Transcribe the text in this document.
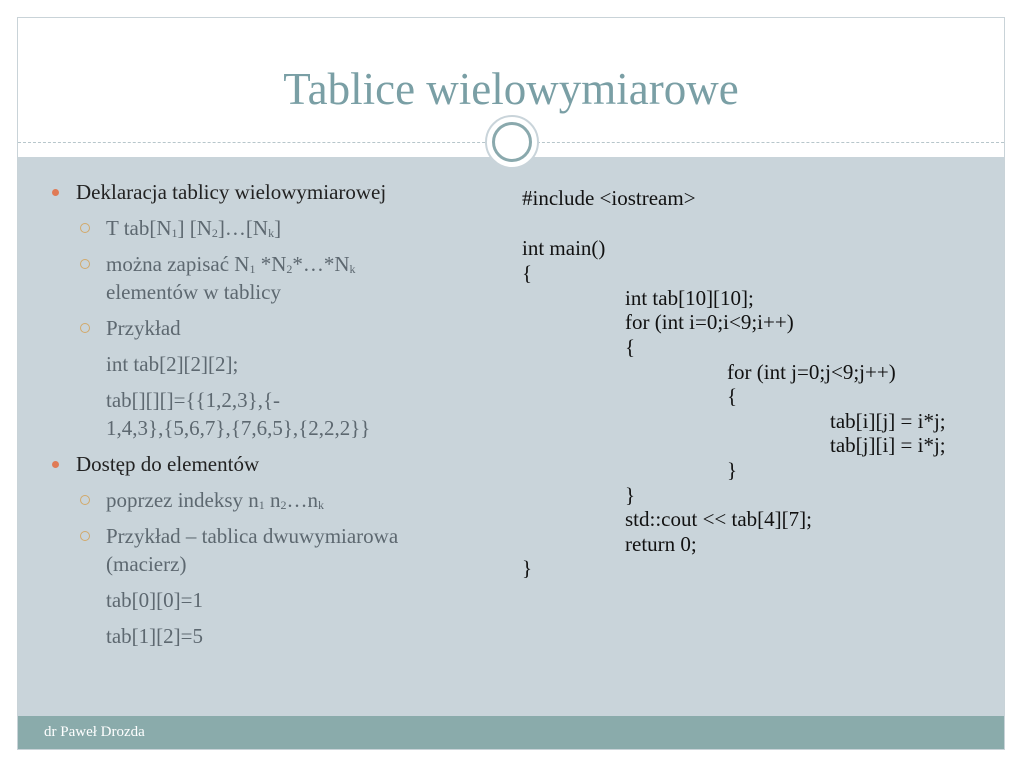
Tablice wielowymiarowe
Deklaracja tablicy wielowymiarowej
T $tab[N_1]$ $[N_2]\dots[N_k]$
można zapisać $N_1$ $*N_2*\dots*N_k$
elementów w tablicy
Przykład
int tab[2][2][2];
tab[][][]={{1,2,3},{-
1,4,3},{5,6,7},{7,6,5},{2,2,2}}
Dostęp do elementów
poprzez indeksy $n_1$ $n_2\dots n_k$
Przykład – tablica dwuwymiarowa
(macierz)
tab[0][0]=1
tab[1][2]=5
#include <iostream>
int main()
{
int tab[10][10];
for (int i=0;i<9;i++)
{
for (int j=0;j<9;j++)
{
tab[i][j] = i*j;
tab[j][i] = i*j;
}
}
std::cout << tab[4][7];
return 0;
}
dr Paweł Drozda
